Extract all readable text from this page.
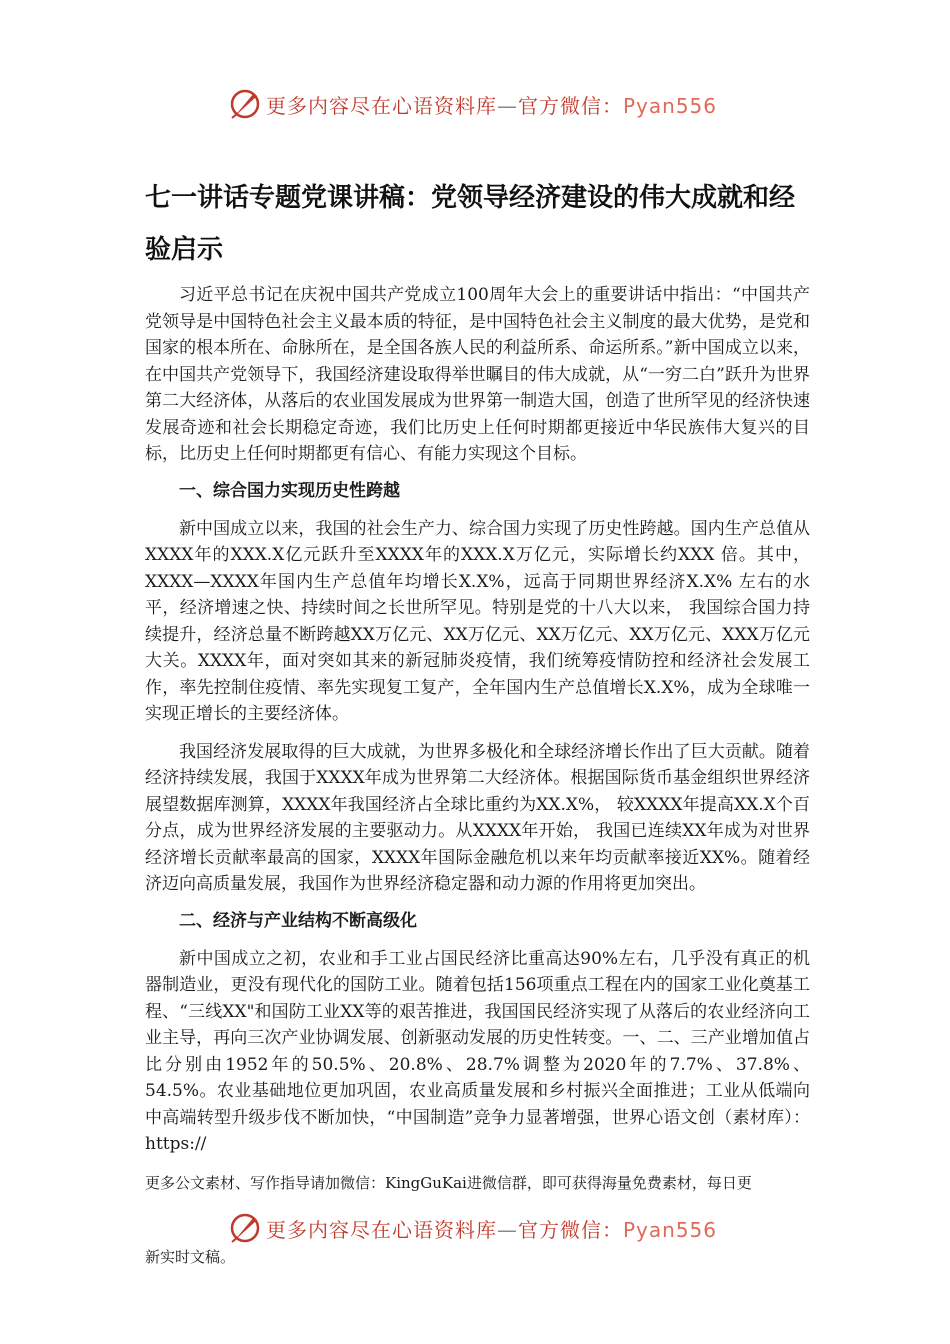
更多内容尽在心语资料库—官方微信：Pyan556
七一讲话专题党课讲稿：党领导经济建设的伟大成就和经验启示

习近平总书记在庆祝中国共产党成立100周年大会上的重要讲话中指出：“中国共产党领导是中国特色社会主义最本质的特征，是中国特色社会主义制度的最大优势，是党和国家的根本所在、命脉所在，是全国各族人民的利益所系、命运所系。”新中国成立以来，在中国共产党领导下，我国经济建设取得举世瞩目的伟大成就，从“一穷二白”跃升为世界第二大经济体，从落后的农业国发展成为世界第一制造大国，创造了世所罕见的经济快速发展奇迹和社会长期稳定奇迹，我们比历史上任何时期都更接近中华民族伟大复兴的目标，比历史上任何时期都更有信心、有能力实现这个目标。

一、综合国力实现历史性跨越

新中国成立以来，我国的社会生产力、综合国力实现了历史性跨越。国内生产总值从XXXX年的XXX.X亿元跃升至XXXX年的XXX.X万亿元，实际增长约XXX 倍。其中，XXXX—XXXX年国内生产总值年均增长X.X%，远高于同期世界经济X.X% 左右的水平，经济增速之快、持续时间之长世所罕见。特别是党的十八大以来， 我国综合国力持续提升，经济总量不断跨越XX万亿元、XX万亿元、XX万亿元、XX万亿元、XXX万亿元大关。XXXX年，面对突如其来的新冠肺炎疫情，我们统筹疫情防控和经济社会发展工作，率先控制住疫情、率先实现复工复产，全年国内生产总值增长X.X%，成为全球唯一实现正增长的主要经济体。

我国经济发展取得的巨大成就，为世界多极化和全球经济增长作出了巨大贡献。随着经济持续发展，我国于XXXX年成为世界第二大经济体。根据国际货币基金组织世界经济展望数据库测算，XXXX年我国经济占全球比重约为XX.X%， 较XXXX年提高XX.X个百分点，成为世界经济发展的主要驱动力。从XXXX年开始， 我国已连续XX年成为对世界经济增长贡献率最高的国家，XXXX年国际金融危机以来年均贡献率接近XX%。随着经济迈向高质量发展，我国作为世界经济稳定器和动力源的作用将更加突出。

二、经济与产业结构不断高级化

新中国成立之初，农业和手工业占国民经济比重高达90%左右，几乎没有真正的机器制造业，更没有现代化的国防工业。随着包括156项重点工程在内的国家工业化奠基工程、“三线XX"和国防工业XX等的艰苦推进，我国国民经济实现了从落后的农业经济向工业主导，再向三次产业协调发展、创新驱动发展的历史性转变。一、二、三产业增加值占比分别由1952年的50.5%、20.8%、28.7%调整为2020年的7.7%、37.8%、54.5%。农业基础地位更加巩固，农业高质量发展和乡村振兴全面推进；工业从低端向中高端转型升级步伐不断加快，“中国制造”竞争力显著增强，世界心语文创（素材库）：https://

更多公文素材、写作指导请加微信：KingGuKai进微信群，即可获得海量免费素材，每日更
更多内容尽在心语资料库—官方微信：Pyan556
新实时文稿。
